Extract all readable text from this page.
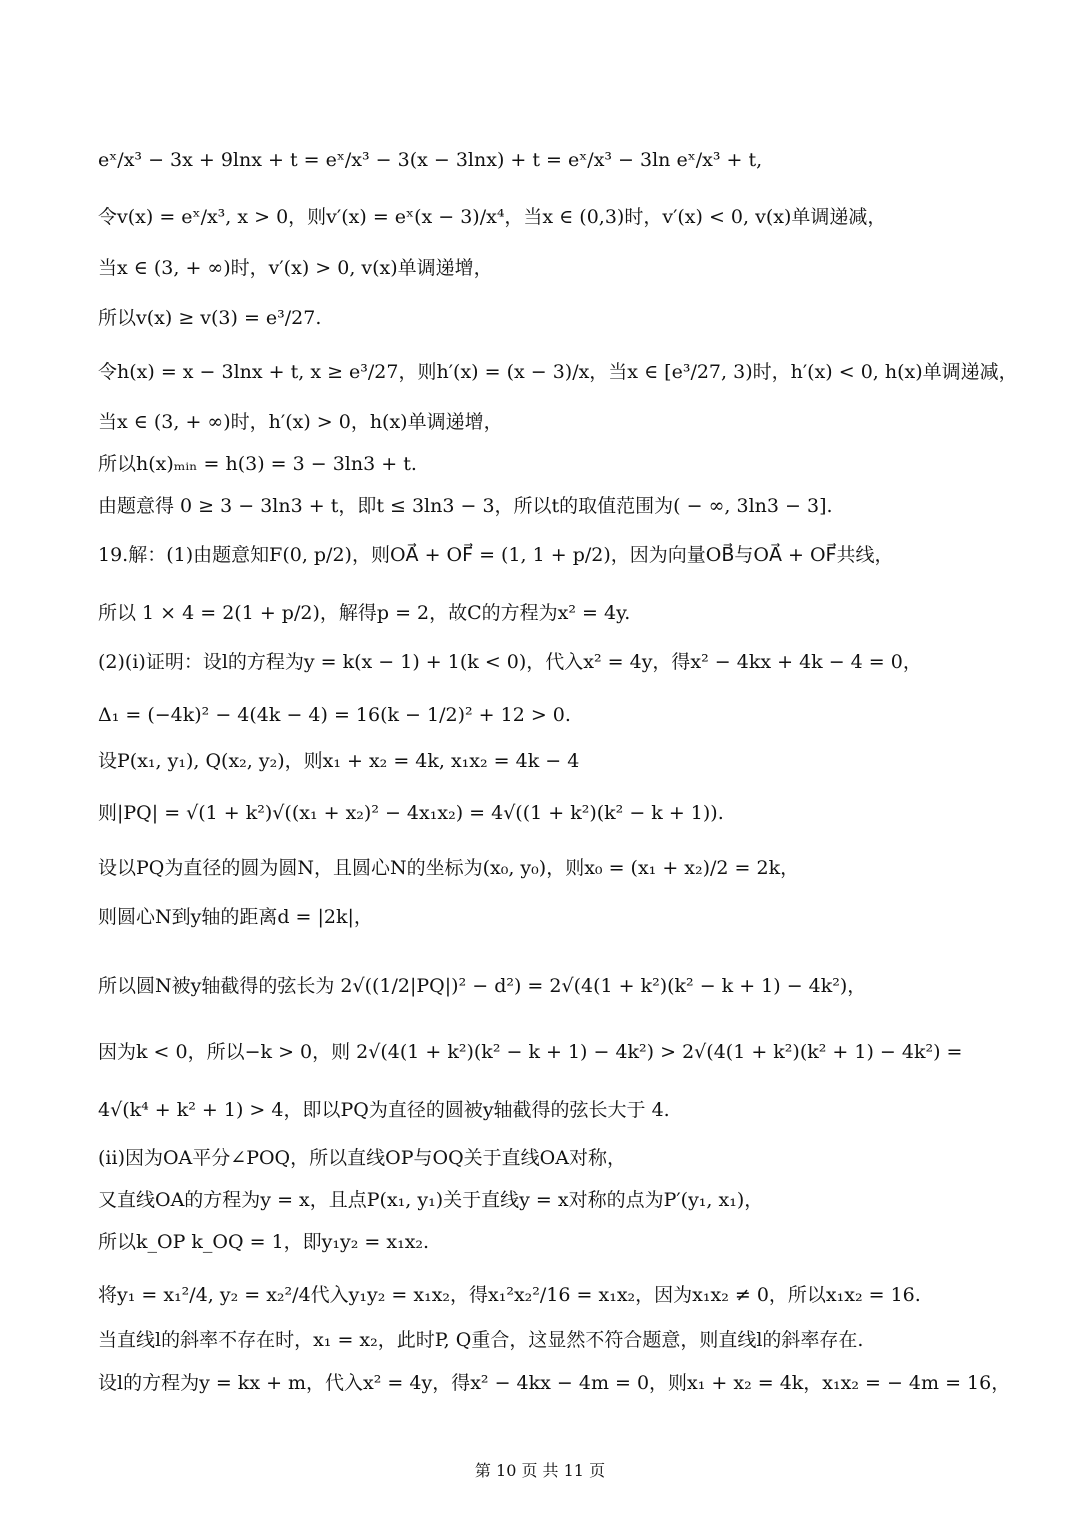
eˣ/x³ − 3x + 9lnx + t = eˣ/x³ − 3(x − 3lnx) + t = eˣ/x³ − 3ln eˣ/x³ + t,
令v(x) = eˣ/x³, x > 0，则v′(x) = eˣ(x − 3)/x⁴，当x ∈ (0,3)时，v′(x) < 0, v(x)单调递减，
当x ∈ (3, + ∞)时，v′(x) > 0, v(x)单调递增，
所以v(x) ≥ v(3) = e³/27.
令h(x) = x − 3lnx + t, x ≥ e³/27，则h′(x) = (x − 3)/x，当x ∈ [e³/27, 3)时，h′(x) < 0, h(x)单调递减，
当x ∈ (3, + ∞)时，h′(x) > 0，h(x)单调递增，
所以h(x)ₘᵢₙ = h(3) = 3 − 3ln3 + t.
由题意得 0 ≥ 3 − 3ln3 + t，即t ≤ 3ln3 − 3，所以t的取值范围为( − ∞, 3ln3 − 3].
19.解：(1)由题意知F(0, p/2)，则OA⃗ + OF⃗ = (1, 1 + p/2)，因为向量OB⃗与OA⃗ + OF⃗共线，
所以 1 × 4 = 2(1 + p/2)，解得p = 2，故C的方程为x² = 4y.
(2)(i)证明：设l的方程为y = k(x − 1) + 1(k < 0)，代入x² = 4y，得x² − 4kx + 4k − 4 = 0，
Δ₁ = (−4k)² − 4(4k − 4) = 16(k − 1/2)² + 12 > 0.
设P(x₁, y₁), Q(x₂, y₂)，则x₁ + x₂ = 4k, x₁x₂ = 4k − 4
则|PQ| = √(1 + k²)√((x₁ + x₂)² − 4x₁x₂) = 4√((1 + k²)(k² − k + 1)).
设以PQ为直径的圆为圆N，且圆心N的坐标为(x₀, y₀)，则x₀ = (x₁ + x₂)/2 = 2k，
则圆心N到y轴的距离d = |2k|，
所以圆N被y轴截得的弦长为 2√((1/2|PQ|)² − d²) = 2√(4(1 + k²)(k² − k + 1) − 4k²)，
因为k < 0，所以−k > 0，则 2√(4(1 + k²)(k² − k + 1) − 4k²) > 2√(4(1 + k²)(k² + 1) − 4k²) =
4√(k⁴ + k² + 1) > 4，即以PQ为直径的圆被y轴截得的弦长大于 4.
(ii)因为OA平分∠POQ，所以直线OP与OQ关于直线OA对称，
又直线OA的方程为y = x，且点P(x₁, y₁)关于直线y = x对称的点为P′(y₁, x₁)，
所以k_OP k_OQ = 1，即y₁y₂ = x₁x₂.
将y₁ = x₁²/4, y₂ = x₂²/4代入y₁y₂ = x₁x₂，得x₁²x₂²/16 = x₁x₂，因为x₁x₂ ≠ 0，所以x₁x₂ = 16.
当直线l的斜率不存在时，x₁ = x₂，此时P, Q重合，这显然不符合题意，则直线l的斜率存在.
设l的方程为y = kx + m，代入x² = 4y，得x² − 4kx − 4m = 0，则x₁ + x₂ = 4k，x₁x₂ = − 4m = 16，
第 10 页 共 11 页
